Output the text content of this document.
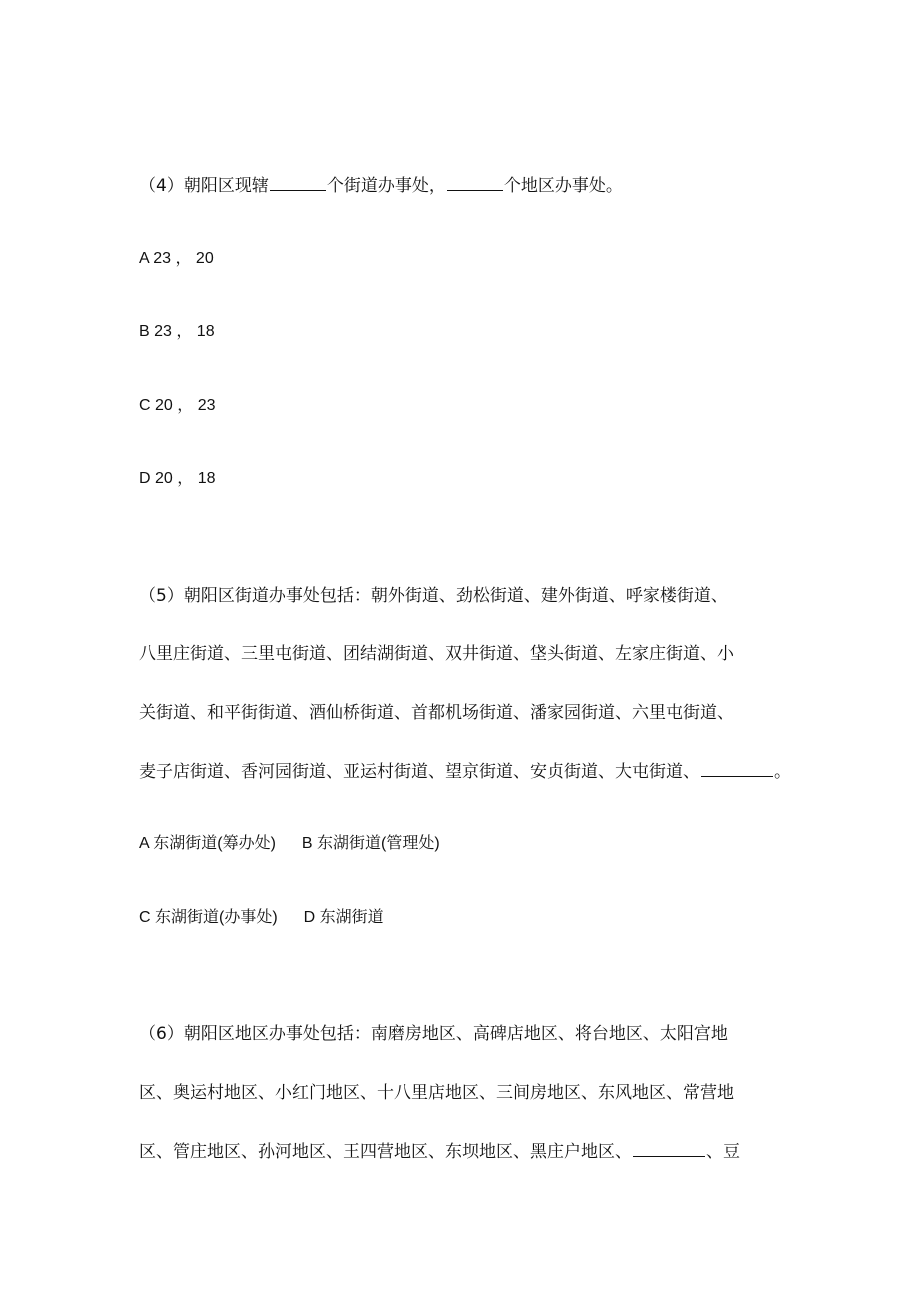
（4）朝阳区现辖	个街道办事处，	个地区办事处。
A 23 ， 20
B 23 ， 18
C 20 ， 23
D 20 ， 18
（5）朝阳区街道办事处包括：朝外街道、劲松街道、建外街道、呼家楼街道、
八里庄街道、三里屯街道、团结湖街道、双井街道、垡头街道、左家庄街道、小
关街道、和平街街道、酒仙桥街道、首都机场街道、潘家园街道、六里屯街道、
麦子店街道、香河园街道、亚运村街道、望京街道、安贞街道、大屯街道、	。
A 东湖街道(筹办处) B 东湖街道(管理处)
C 东湖街道(办事处) D 东湖街道
（6）朝阳区地区办事处包括：南磨房地区、高碑店地区、将台地区、太阳宫地
区、奥运村地区、小红门地区、十八里店地区、三间房地区、东风地区、常营地
区、管庄地区、孙河地区、王四营地区、东坝地区、黑庄户地区、	、豆
